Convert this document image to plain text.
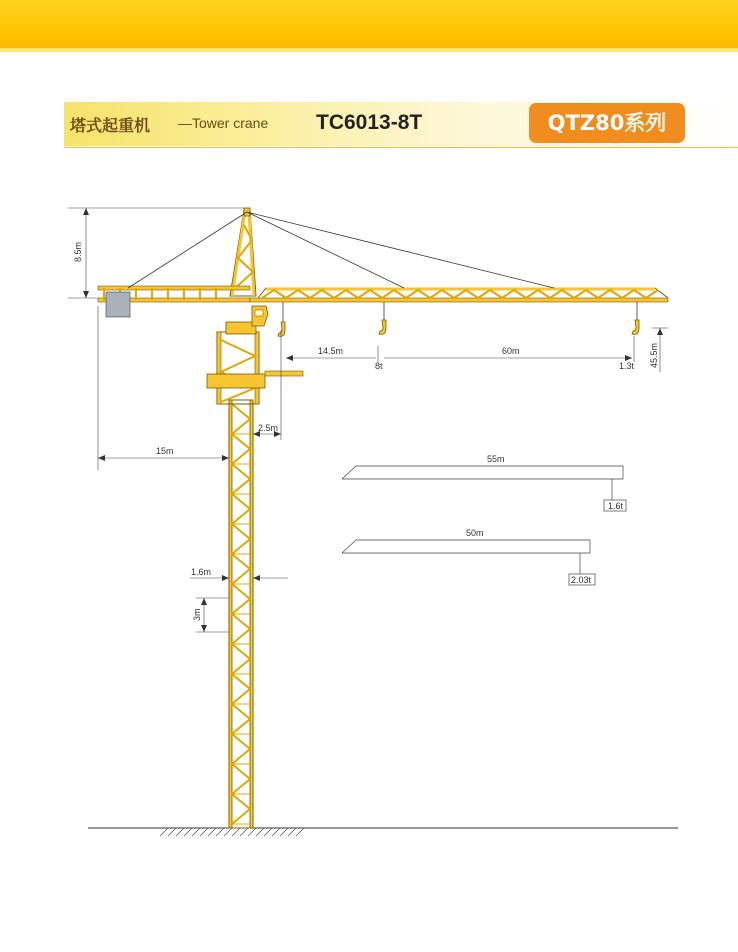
塔式起重机 —Tower crane TC6013-8T	QTZ80系列
8.5m
14.5m
8t
60m
1.3t 45.5m
2.5m
15m
1.6m
3m
55m
1.6t
50m
2.03t
